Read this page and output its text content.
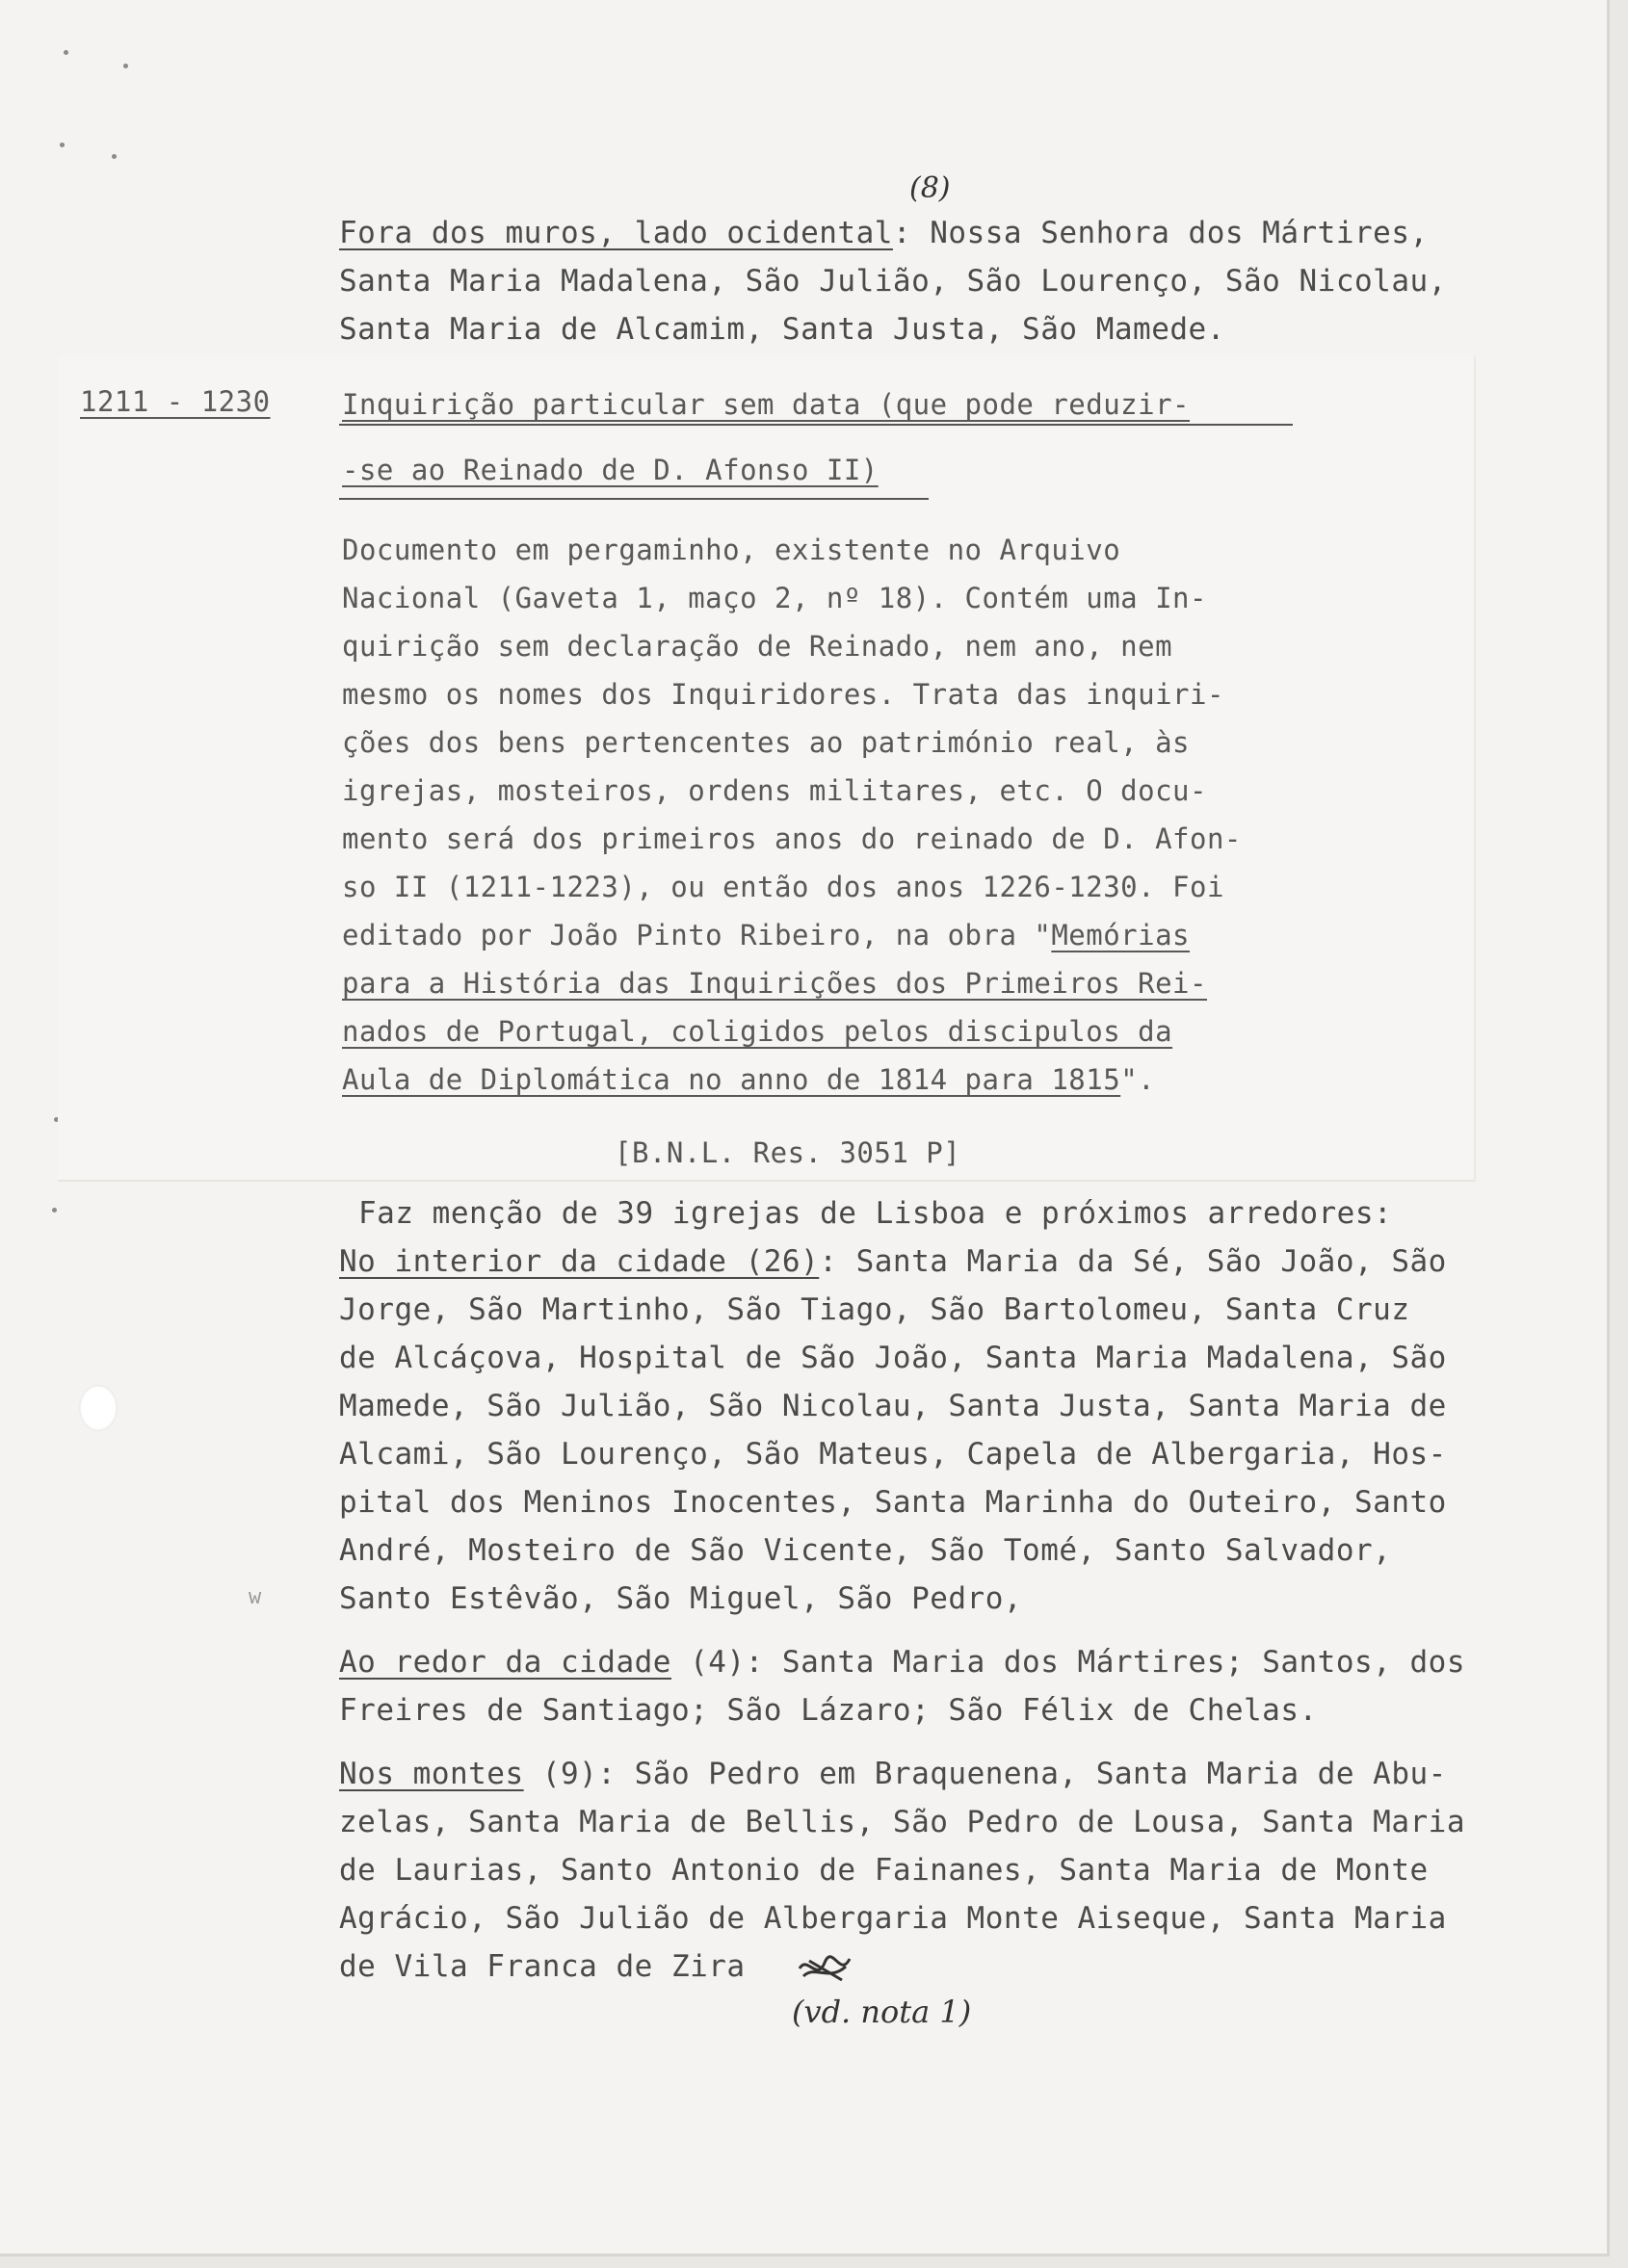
(8)
Fora dos muros, lado ocidental: Nossa Senhora dos Mártires,
Santa Maria Madalena, São Julião, São Lourenço, São Nicolau,
Santa Maria de Alcamim, Santa Justa, São Mamede.
1211 - 1230	Inquirição particular sem data (que pode reduzir-
-se ao Reinado de D. Afonso II)
Documento em pergaminho, existente no Arquivo
Nacional (Gaveta 1, maço 2, nº 18). Contém uma In-
quirição sem declaração de Reinado, nem ano, nem
mesmo os nomes dos Inquiridores. Trata das inquiri-
ções dos bens pertencentes ao património real, às
igrejas, mosteiros, ordens militares, etc. O docu-
mento será dos primeiros anos do reinado de D. Afon-
so II (1211-1223), ou então dos anos 1226-1230. Foi
editado por João Pinto Ribeiro, na obra "Memórias
para a História das Inquirições dos Primeiros Rei-
nados de Portugal, coligidos pelos discipulos da
Aula de Diplomática no anno de 1814 para 1815".
[B.N.L. Res. 3051 P]
Faz menção de 39 igrejas de Lisboa e próximos arredores:
No interior da cidade (26): Santa Maria da Sé, São João, São
Jorge, São Martinho, São Tiago, São Bartolomeu, Santa Cruz
de Alcáçova, Hospital de São João, Santa Maria Madalena, São
Mamede, São Julião, São Nicolau, Santa Justa, Santa Maria de
Alcami, São Lourenço, São Mateus, Capela de Albergaria, Hos-
pital dos Meninos Inocentes, Santa Marinha do Outeiro, Santo
André, Mosteiro de São Vicente, São Tomé, Santo Salvador,
Santo Estêvão, São Miguel, São Pedro,
w
Ao redor da cidade (4): Santa Maria dos Mártires; Santos, dos
Freires de Santiago; São Lázaro; São Félix de Chelas.
Nos montes (9): São Pedro em Braquenena, Santa Maria de Abu-
zelas, Santa Maria de Bellis, São Pedro de Lousa, Santa Maria
de Laurias, Santo Antonio de Fainanes, Santa Maria de Monte
Agrácio, São Julião de Albergaria Monte Aiseque, Santa Maria
de Vila Franca de Zira
(vd. nota 1)
